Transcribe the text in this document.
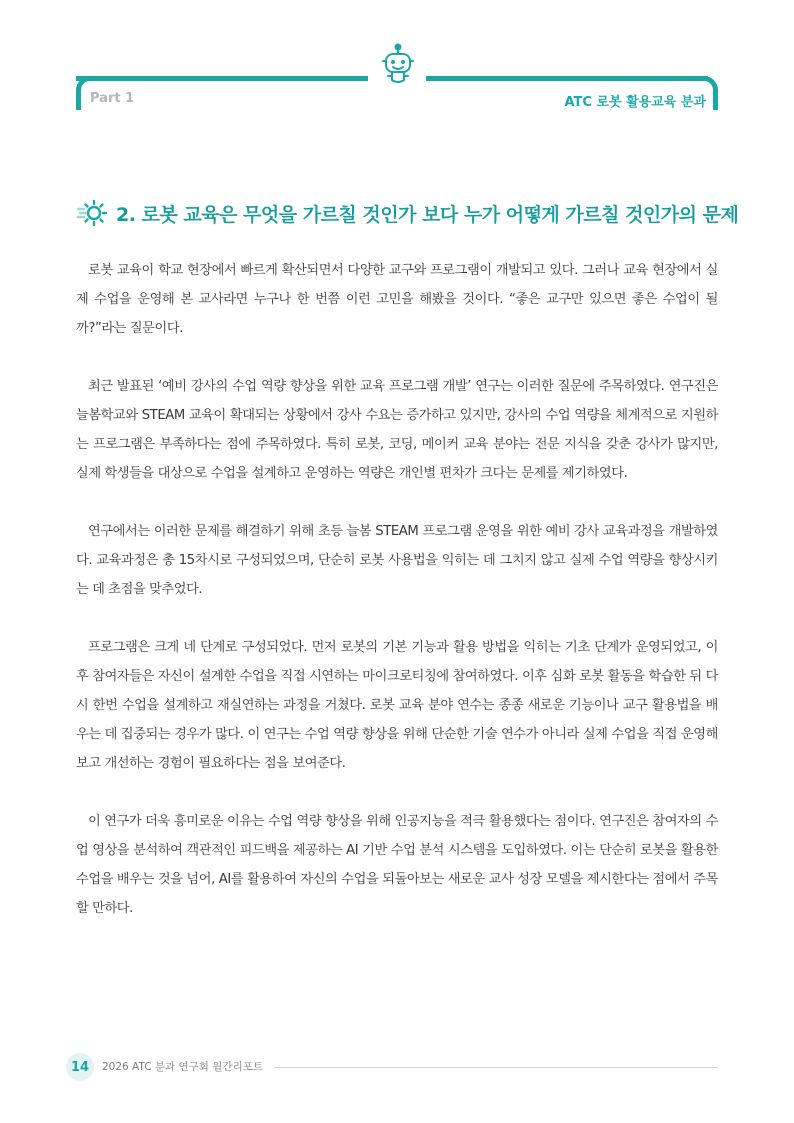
Part 1	ATC 로봇 활용교육 분과
2. 로봇 교육은 무엇을 가르칠 것인가 보다 누가 어떻게 가르칠 것인가의 문제

로봇 교육이 학교 현장에서 빠르게 확산되면서 다양한 교구와 프로그램이 개발되고 있다. 그러나 교육 현장에서 실제 수업을 운영해 본 교사라면 누구나 한 번쯤 이런 고민을 해봤을 것이다. “좋은 교구만 있으면 좋은 수업이 될까?”라는 질문이다.

최근 발표된 ‘예비 강사의 수업 역량 향상을 위한 교육 프로그램 개발’ 연구는 이러한 질문에 주목하였다. 연구진은 늘봄학교와 STEAM 교육이 확대되는 상황에서 강사 수요는 증가하고 있지만, 강사의 수업 역량을 체계적으로 지원하는 프로그램은 부족하다는 점에 주목하였다. 특히 로봇, 코딩, 메이커 교육 분야는 전문 지식을 갖춘 강사가 많지만, 실제 학생들을 대상으로 수업을 설계하고 운영하는 역량은 개인별 편차가 크다는 문제를 제기하였다.

연구에서는 이러한 문제를 해결하기 위해 초등 늘봄 STEAM 프로그램 운영을 위한 예비 강사 교육과정을 개발하였다. 교육과정은 총 15차시로 구성되었으며, 단순히 로봇 사용법을 익히는 데 그치지 않고 실제 수업 역량을 향상시키는 데 초점을 맞추었다.

프로그램은 크게 네 단계로 구성되었다. 먼저 로봇의 기본 기능과 활용 방법을 익히는 기초 단계가 운영되었고, 이후 참여자들은 자신이 설계한 수업을 직접 시연하는 마이크로티칭에 참여하였다. 이후 심화 로봇 활동을 학습한 뒤 다시 한번 수업을 설계하고 재실연하는 과정을 거쳤다. 로봇 교육 분야 연수는 종종 새로운 기능이나 교구 활용법을 배우는 데 집중되는 경우가 많다. 이 연구는 수업 역량 향상을 위해 단순한 기술 연수가 아니라 실제 수업을 직접 운영해 보고 개선하는 경험이 필요하다는 점을 보여준다.

이 연구가 더욱 흥미로운 이유는 수업 역량 향상을 위해 인공지능을 적극 활용했다는 점이다. 연구진은 참여자의 수업 영상을 분석하여 객관적인 피드백을 제공하는 AI 기반 수업 분석 시스템을 도입하였다. 이는 단순히 로봇을 활용한 수업을 배우는 것을 넘어, AI를 활용하여 자신의 수업을 되돌아보는 새로운 교사 성장 모델을 제시한다는 점에서 주목할 만하다.

14	2026 ATC 분과 연구회 월간리포트
